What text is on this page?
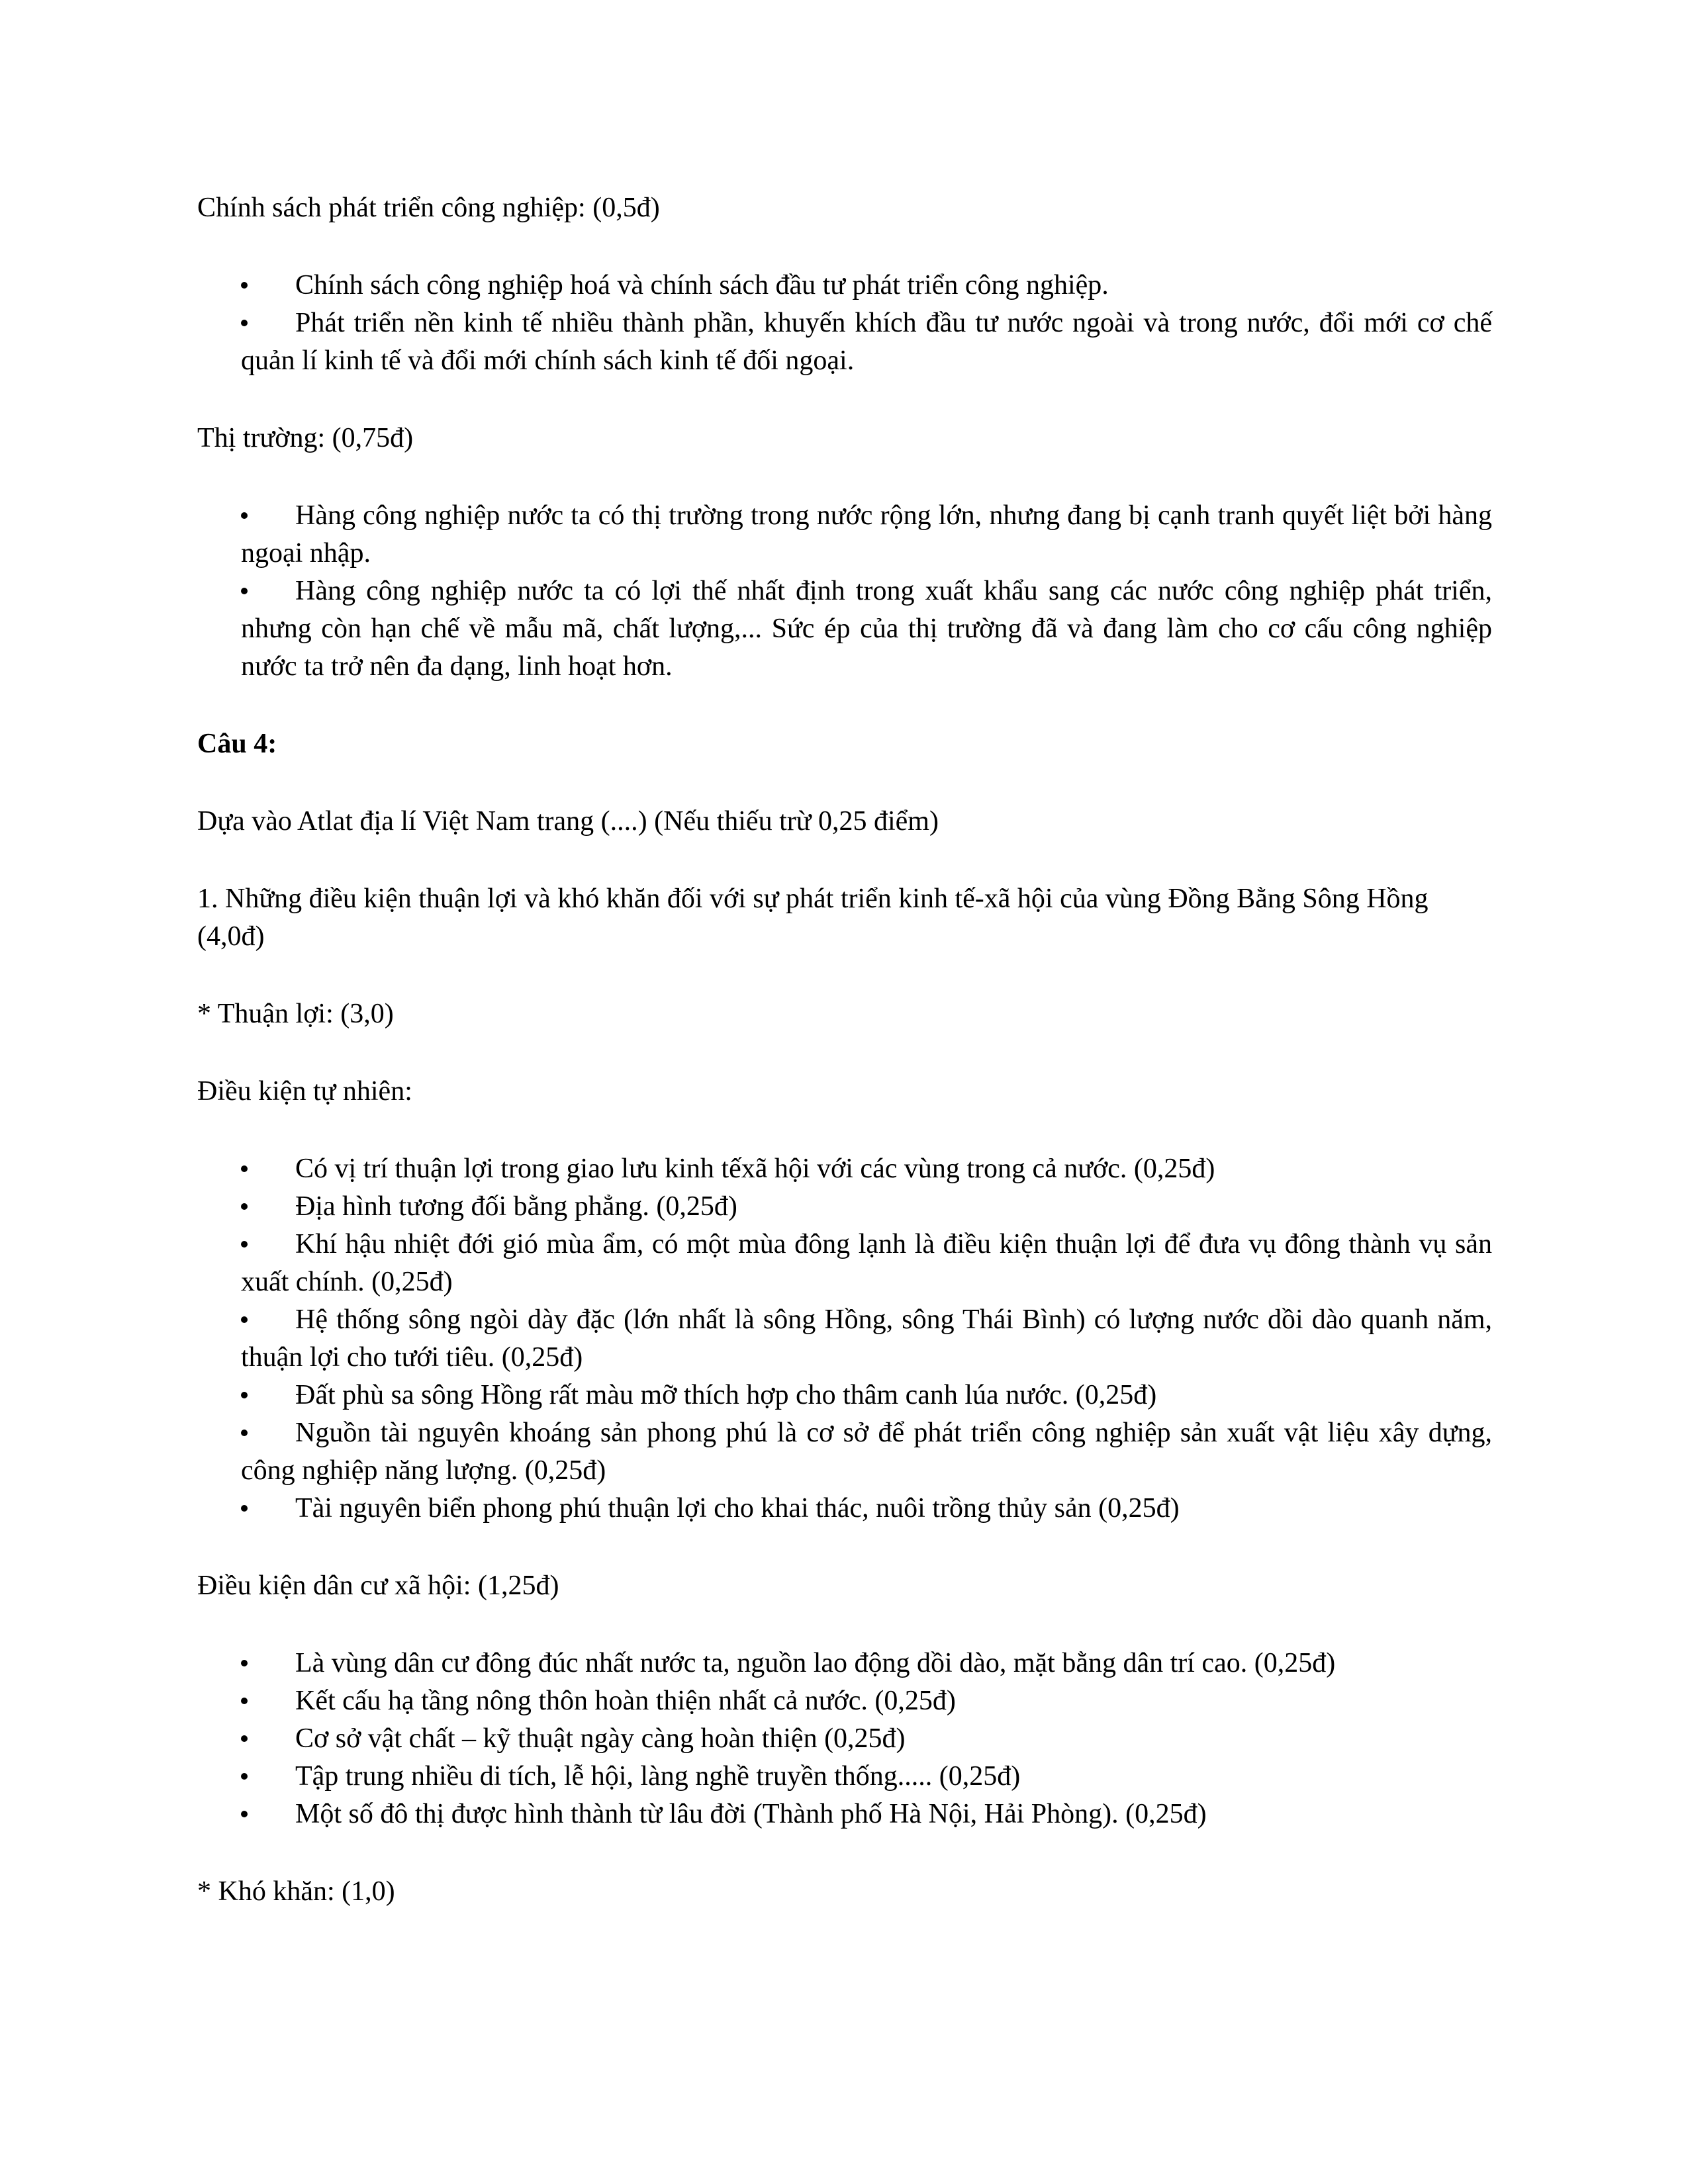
Chính sách phát triển công nghiệp: (0,5đ)

Chính sách công nghiệp hoá và chính sách đầu tư phát triển công nghiệp.
Phát triển nền kinh tế nhiều thành phần, khuyến khích đầu tư nước ngoài và trong nước, đổi mới cơ chế quản lí kinh tế và đổi mới chính sách kinh tế đối ngoại.

Thị trường: (0,75đ)

Hàng công nghiệp nước ta có thị trường trong nước rộng lớn, nhưng đang bị cạnh tranh quyết liệt bởi hàng ngoại nhập.
Hàng công nghiệp nước ta có lợi thế nhất định trong xuất khẩu sang các nước công nghiệp phát triển, nhưng còn hạn chế về mẫu mã, chất lượng,... Sức ép của thị trường đã và đang làm cho cơ cấu công nghiệp nước ta trở nên đa dạng, linh hoạt hơn.

Câu 4:

Dựa vào Atlat địa lí Việt Nam trang (....) (Nếu thiếu trừ 0,25 điểm)

1. Những điều kiện thuận lợi và khó khăn đối với sự phát triển kinh tế-xã hội của vùng Đồng Bằng Sông Hồng (4,0đ)

* Thuận lợi: (3,0)

Điều kiện tự nhiên:

Có vị trí thuận lợi trong giao lưu kinh tếxã hội với các vùng trong cả nước. (0,25đ)
Địa hình tương đối bằng phẳng. (0,25đ)
Khí hậu nhiệt đới gió mùa ẩm, có một mùa đông lạnh là điều kiện thuận lợi để đưa vụ đông thành vụ sản xuất chính. (0,25đ)
Hệ thống sông ngòi dày đặc (lớn nhất là sông Hồng, sông Thái Bình) có lượng nước dồi dào quanh năm, thuận lợi cho tưới tiêu. (0,25đ)
Đất phù sa sông Hồng rất màu mỡ thích hợp cho thâm canh lúa nước. (0,25đ)
Nguồn tài nguyên khoáng sản phong phú là cơ sở để phát triển công nghiệp sản xuất vật liệu xây dựng, công nghiệp năng lượng. (0,25đ)
Tài nguyên biển phong phú thuận lợi cho khai thác, nuôi trồng thủy sản (0,25đ)

Điều kiện dân cư xã hội: (1,25đ)

Là vùng dân cư đông đúc nhất nước ta, nguồn lao động dồi dào, mặt bằng dân trí cao. (0,25đ)
Kết cấu hạ tầng nông thôn hoàn thiện nhất cả nước. (0,25đ)
Cơ sở vật chất – kỹ thuật ngày càng hoàn thiện (0,25đ)
Tập trung nhiều di tích, lễ hội, làng nghề truyền thống..... (0,25đ)
Một số đô thị được hình thành từ lâu đời (Thành phố Hà Nội, Hải Phòng). (0,25đ)

* Khó khăn: (1,0)
